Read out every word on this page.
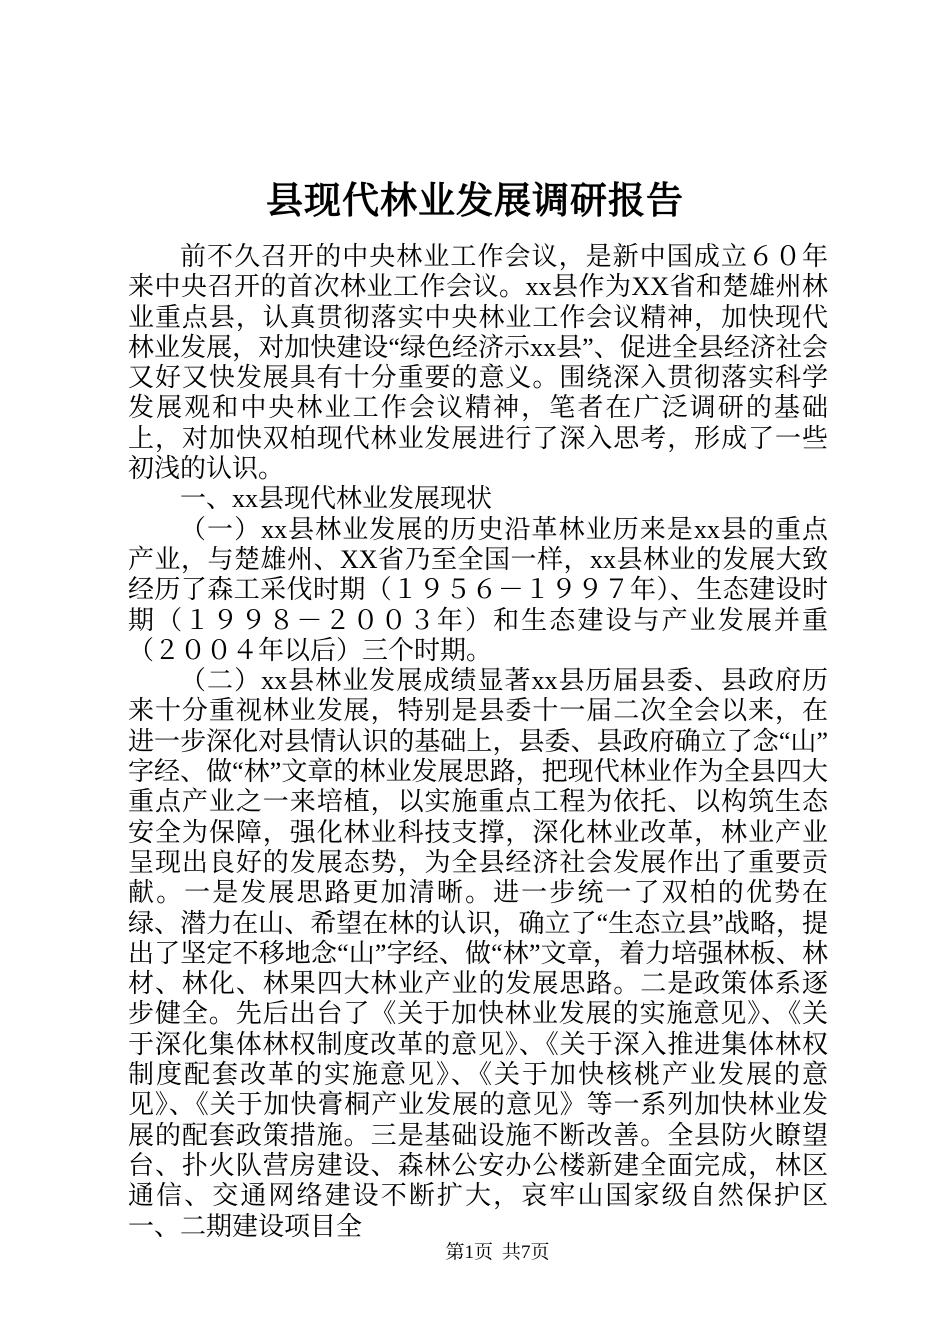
县现代林业发展调研报告

前不久召开的中央林业工作会议，是新中国成立６０年来中央召开的首次林业工作会议。xx县作为XX省和楚雄州林业重点县，认真贯彻落实中央林业工作会议精神，加快现代林业发展，对加快建设“绿色经济示xx县”、促进全县经济社会又好又快发展具有十分重要的意义。围绕深入贯彻落实科学发展观和中央林业工作会议精神，笔者在广泛调研的基础上，对加快双柏现代林业发展进行了深入思考，形成了一些初浅的认识。

一、xx县现代林业发展现状

（一）xx县林业发展的历史沿革林业历来是xx县的重点产业，与楚雄州、XX省乃至全国一样，xx县林业的发展大致经历了森工采伐时期（１９５６－１９９７年）、生态建设时期（１９９８－２００３年）和生态建设与产业发展并重（２００４年以后）三个时期。

（二）xx县林业发展成绩显著xx县历届县委、县政府历来十分重视林业发展，特别是县委十一届二次全会以来，在进一步深化对县情认识的基础上，县委、县政府确立了念“山”字经、做“林”文章的林业发展思路，把现代林业作为全县四大重点产业之一来培植，以实施重点工程为依托、以构筑生态安全为保障，强化林业科技支撑，深化林业改革，林业产业呈现出良好的发展态势，为全县经济社会发展作出了重要贡献。一是发展思路更加清晰。进一步统一了双柏的优势在绿、潜力在山、希望在林的认识，确立了“生态立县”战略，提出了坚定不移地念“山”字经、做“林”文章，着力培强林板、林材、林化、林果四大林业产业的发展思路。二是政策体系逐步健全。先后出台了《关于加快林业发展的实施意见》、《关于深化集体林权制度改革的意见》、《关于深入推进集体林权制度配套改革的实施意见》、《关于加快核桃产业发展的意见》、《关于加快膏桐产业发展的意见》等一系列加快林业发展的配套政策措施。三是基础设施不断改善。全县防火瞭望台、扑火队营房建设、森林公安办公楼新建全面完成，林区通信、交通网络建设不断扩大，哀牢山国家级自然保护区一、二期建设项目全

第1页 共7页
